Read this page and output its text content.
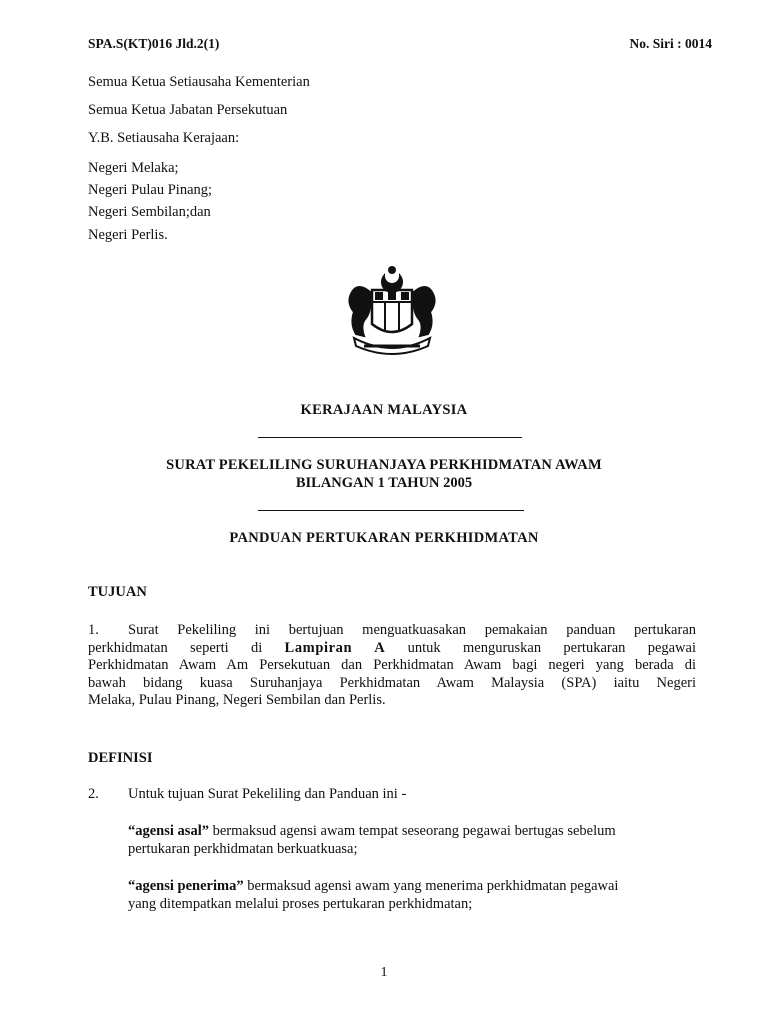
SPA.S(KT)016 Jld.2(1)	No. Siri : 0014
Semua Ketua Setiausaha Kementerian
Semua Ketua Jabatan Persekutuan
Y.B. Setiausaha Kerajaan:
Negeri Melaka;
Negeri Pulau Pinang;
Negeri Sembilan;dan
Negeri Perlis.
KERAJAAN MALAYSIA
SURAT PEKELILING SURUHANJAYA PERKHIDMATAN AWAM
BILANGAN 1 TAHUN 2005
PANDUAN PERTUKARAN PERKHIDMATAN
TUJUAN
1.	Surat Pekeliling ini bertujuan menguatkuasakan pemakaian panduan pertukaran
perkhidmatan seperti di Lampiran A untuk menguruskan pertukaran pegawai
Perkhidmatan Awam Am Persekutuan dan Perkhidmatan Awam bagi negeri yang berada di
bawah bidang kuasa Suruhanjaya Perkhidmatan Awam Malaysia (SPA) iaitu Negeri
Melaka, Pulau Pinang, Negeri Sembilan dan Perlis.
DEFINISI
2. Untuk tujuan Surat Pekeliling dan Panduan ini -
“agensi asal” bermaksud agensi awam tempat seseorang pegawai bertugas sebelum
pertukaran perkhidmatan berkuatkuasa;
“agensi penerima” bermaksud agensi awam yang menerima perkhidmatan pegawai
yang ditempatkan melalui proses pertukaran perkhidmatan;
1
